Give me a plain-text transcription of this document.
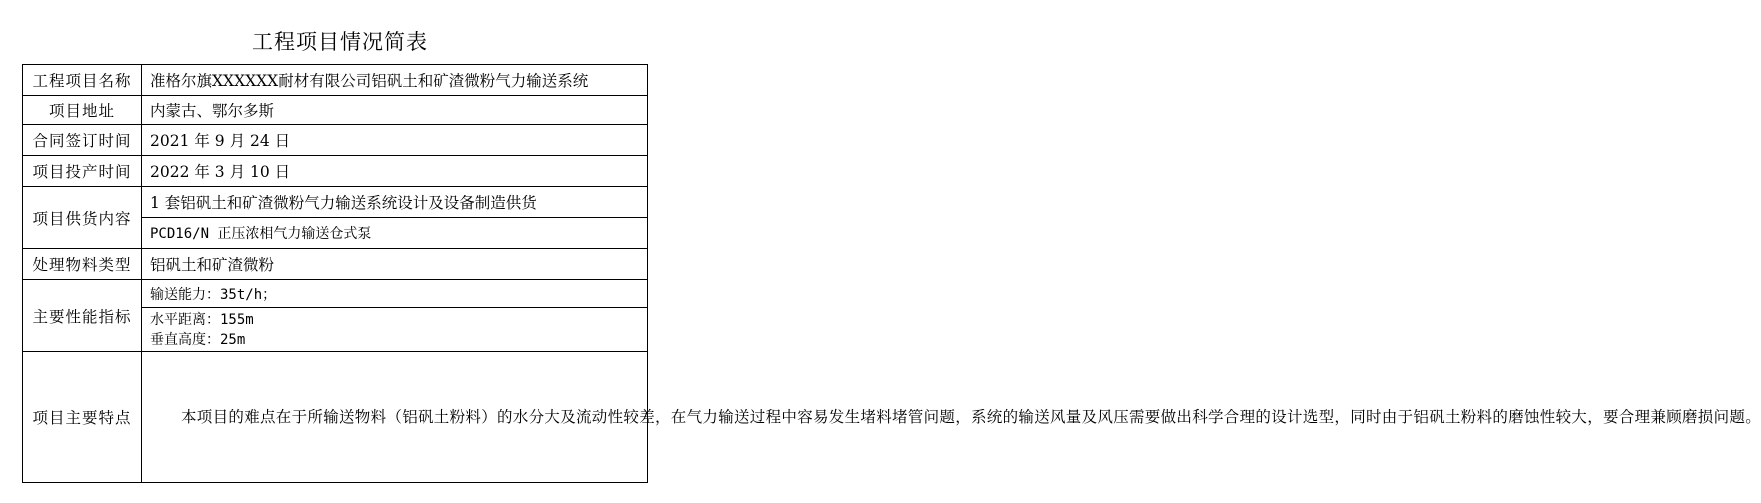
工程项目情况简表
工程项目名称	准格尔旗XXXXXX耐材有限公司铝矾土和矿渣微粉气力输送系统
项目地址	内蒙古、鄂尔多斯
合同签订时间	2021 年 9 月 24 日
项目投产时间	2022 年 3 月 10 日
项目供货内容	1 套铝矾土和矿渣微粉气力输送系统设计及设备制造供货
	PCD16/N 正压浓相气力输送仓式泵
处理物料类型	铝矾土和矿渣微粉
主要性能指标	输送能力：35t/h；

	水平距离：155m
垂直高度：25m

项目主要特点	本项目的难点在于所输送物料（铝矾土粉料）的水分大及流动性较差，在气力输送过程中容易发生堵料堵管问题，系统的输送风量及风压需要做出科学合理的设计选型，同时由于铝矾土粉料的磨蚀性较大，要合理兼顾磨损问题。
